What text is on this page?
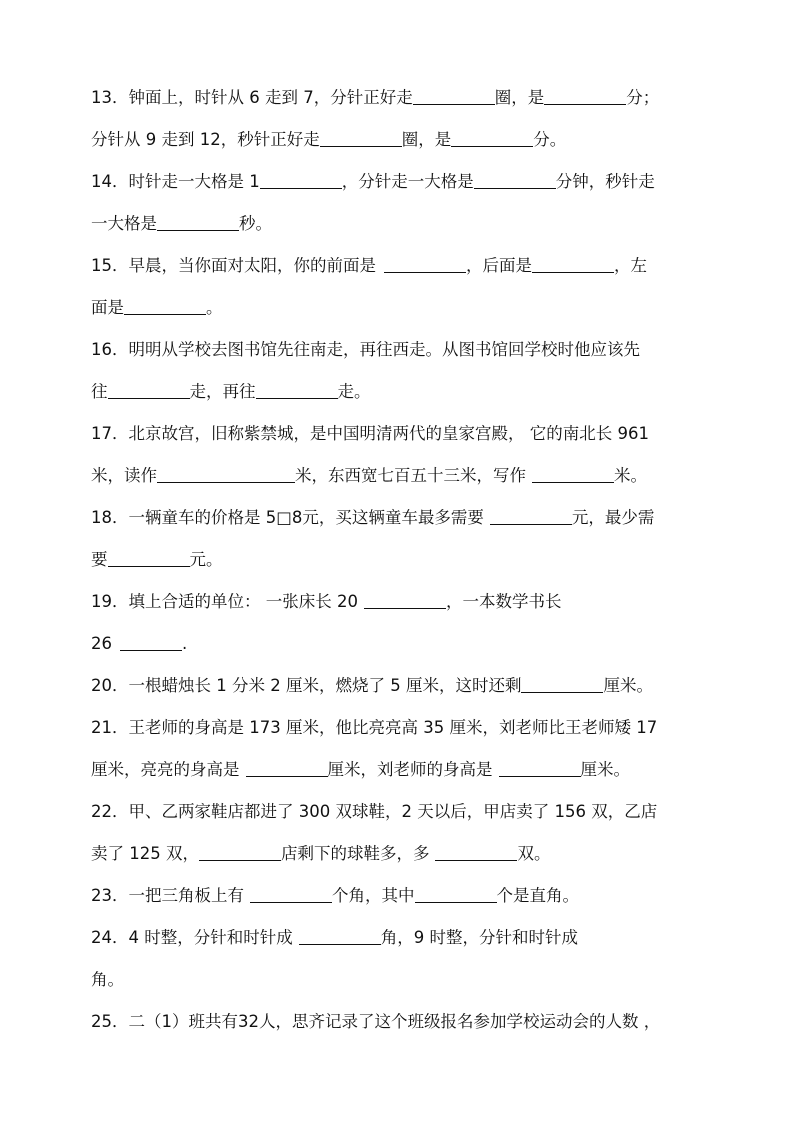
13．钟面上，时针从 6 走到 7，分针正好走	圈，是	分；
分针从 9 走到 12，秒针正好走	圈，是	分。
14．时针走一大格是 1	，分针走一大格是	分钟，秒针走
一大格是	秒。
15．早晨，当你面对太阳，你的前面是	，后面是	，左
面是	。
16．明明从学校去图书馆先往南走，再往西走。从图书馆回学校时他应该先
往	走，再往	走。
17．北京故宫，旧称紫禁城，是中国明清两代的皇家宫殿， 它的南北长 961
米，读作	米，东西宽七百五十三米，写作	米。
18．一辆童车的价格是 5□8元，买这辆童车最多需要	元，最少需
要	元。
19．填上合适的单位： 一张床长 20	，一本数学书长
26	.
20．一根蜡烛长 1 分米 2 厘米，燃烧了 5 厘米，这时还剩	厘米。
21．王老师的身高是 173 厘米，他比亮亮高 35 厘米，刘老师比王老师矮 17
厘米，亮亮的身高是	厘米，刘老师的身高是	厘米。
22．甲、乙两家鞋店都进了 300 双球鞋，2 天以后，甲店卖了 156 双，乙店
卖了 125 双，	店剩下的球鞋多，多	双。
23．一把三角板上有	个角，其中	个是直角。
24．4 时整，分针和时针成	角，9 时整，分针和时针成
角。
25．二（1）班共有32人，思齐记录了这个班级报名参加学校运动会的人数 ，
